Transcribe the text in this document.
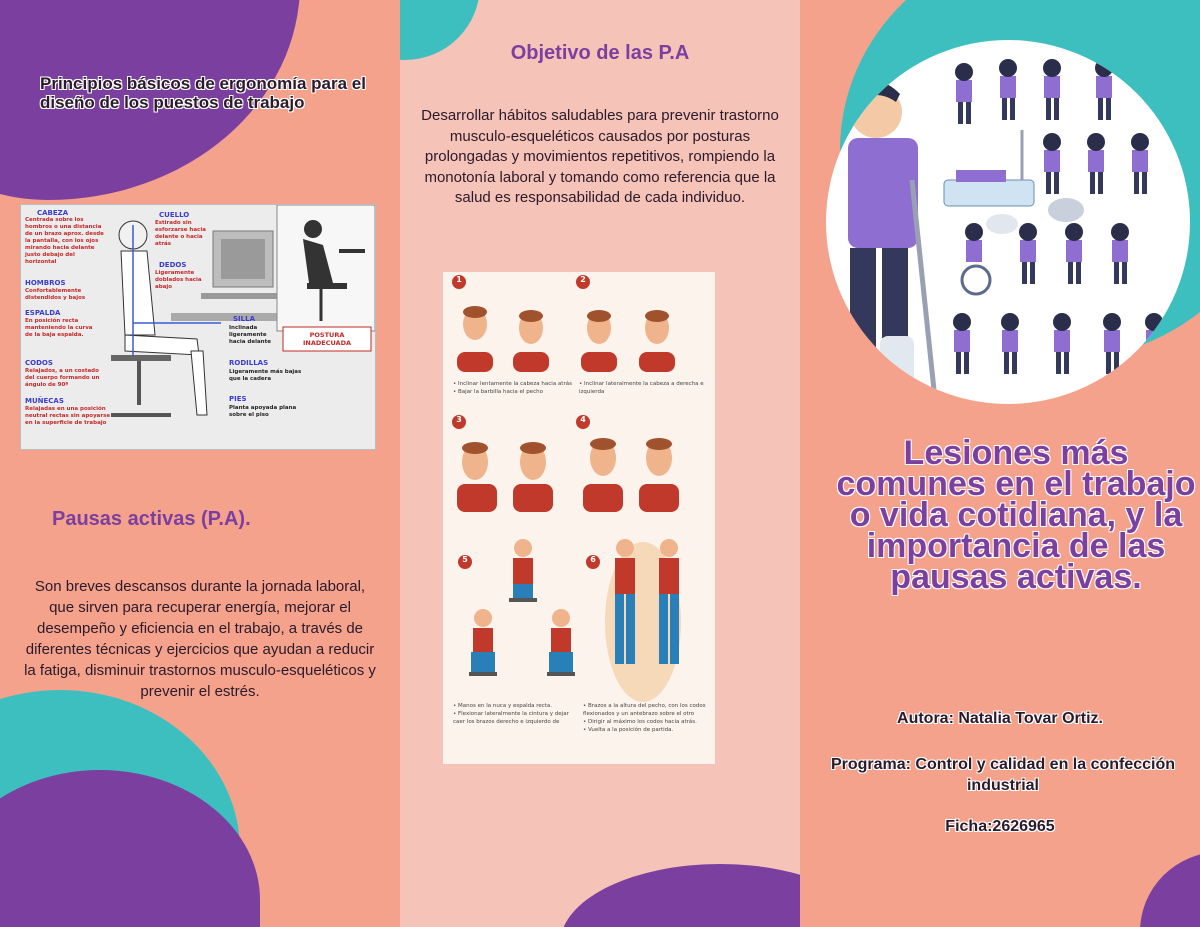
Principios básicos de ergonomía para el diseño de los puestos de trabajo
CABEZA
Centrada sobre los hombros o una distancia de un brazo aprox. desde la pantalla, con los ojos mirando hacia delante justo debajo del horizontal
HOMBROS
Confortablemente distendidos y bajos
ESPALDA
En posición recta manteniendo la curva de la baja espalda.
CODOS
Relajados, a un costado del cuerpo formando un ángulo de 90º
MUÑECAS
Relajadas en una posición neutral rectas sin apoyarse en la superficie de trabajo
CUELLO
Estirado sin esforzarse hacia delante o hacia atrás
DEDOS
Ligeramente doblados hacia abajo
SILLA
Inclinada ligeramente hacia delante
POSTURA INADECUADA
RODILLAS
Ligeramente más bajas que la cadera
PIES
Planta apoyada plana sobre el piso
Pausas activas (P.A).
Son breves descansos durante la jornada laboral, que sirven para recuperar energía, mejorar el desempeño y eficiencia en el trabajo, a través de diferentes técnicas y ejercicios que ayudan a reducir la fatiga, disminuir trastornos musculo-esqueléticos y prevenir el estrés.
Objetivo de las P.A
Desarrollar hábitos saludables para prevenir trastorno musculo-esqueléticos causados por posturas prolongadas y movimientos repetitivos, rompiendo la monotonía laboral y tomando como referencia que la salud es responsabilidad de cada individuo.
1	2
3	4
5	6
• Inclinar lentamente la cabeza hacia atrás
• Bajar la barbilla hacia el pecho
• Inclinar lateralmente la cabeza a derecha e izquierda
• Manos en la nuca y espalda recta.
• Flexionar lateralmente la cintura y dejar caer los brazos derecho e izquierdo de
• Brazos a la altura del pecho, con los codos flexionados y un antebrazo sobre el otro
• Dirigir al máximo los codos hacia atrás.
• Vuelta a la posición de partida.
Lesiones más comunes en el trabajo o vida cotidiana, y la importancia de las pausas activas.
Autora: Natalia Tovar Ortiz.
Programa: Control y calidad en la confección industrial
Ficha:2626965
